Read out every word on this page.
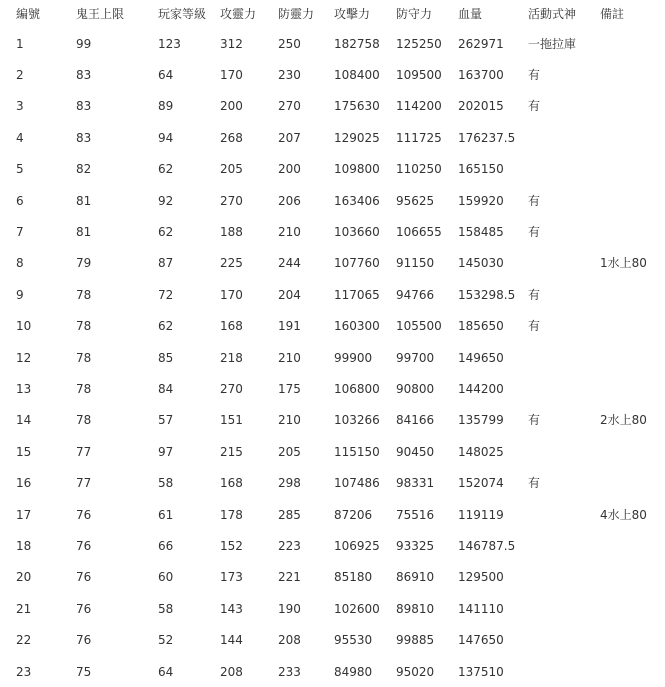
編號	鬼王上限	玩家等級	攻靈力	防靈力	攻擊力	防守力	血量	活動式神	備註
1	99	123	312	250	182758	125250	262971	一拖拉庫	
2	83	64	170	230	108400	109500	163700	有	
3	83	89	200	270	175630	114200	202015	有	
4	83	94	268	207	129025	111725	176237.5		
5	82	62	205	200	109800	110250	165150		
6	81	92	270	206	163406	95625	159920	有	
7	81	62	188	210	103660	106655	158485	有	
8	79	87	225	244	107760	91150	145030		1水上80
9	78	72	170	204	117065	94766	153298.5	有	
10	78	62	168	191	160300	105500	185650	有	
12	78	85	218	210	99900	99700	149650		
13	78	84	270	175	106800	90800	144200		
14	78	57	151	210	103266	84166	135799	有	2水上80
15	77	97	215	205	115150	90450	148025		
16	77	58	168	298	107486	98331	152074	有	
17	76	61	178	285	87206	75516	119119		4水上80
18	76	66	152	223	106925	93325	146787.5		
20	76	60	173	221	85180	86910	129500		
21	76	58	143	190	102600	89810	141110		
22	76	52	144	208	95530	99885	147650		
23	75	64	208	233	84980	95020	137510		
